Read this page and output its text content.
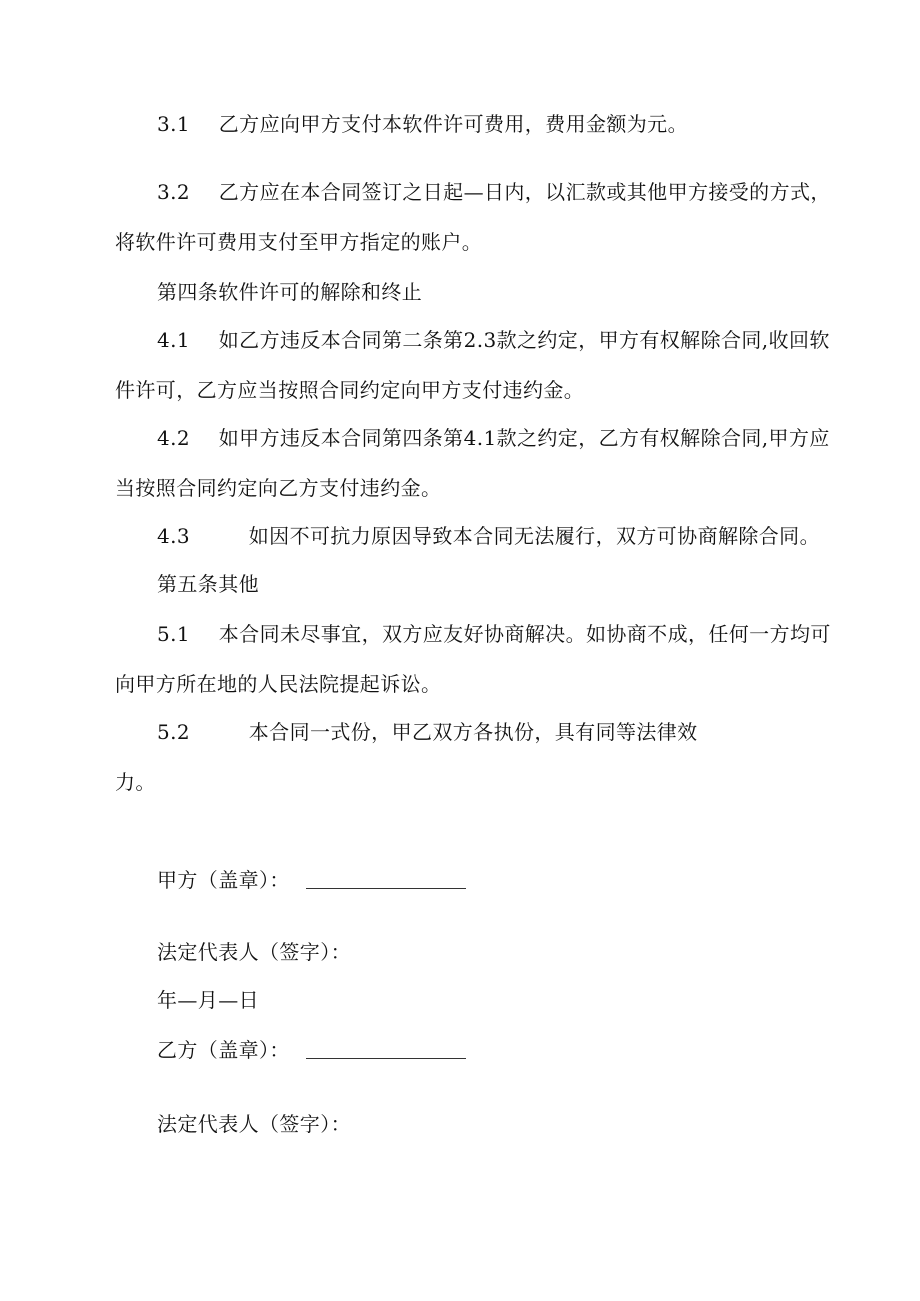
3.1 乙方应向甲方支付本软件许可费用，费用金额为元。
3.2 乙方应在本合同签订之日起—日内，以汇款或其他甲方接受的方式，
将软件许可费用支付至甲方指定的账户。
第四条软件许可的解除和终止
4.1 如乙方违反本合同第二条第2.3款之约定，甲方有权解除合同,收回软
件许可，乙方应当按照合同约定向甲方支付违约金。
4.2 如甲方违反本合同第四条第4.1款之约定，乙方有权解除合同,甲方应
当按照合同约定向乙方支付违约金。
4.3	如因不可抗力原因导致本合同无法履行，双方可协商解除合同。
第五条其他
5.1 本合同未尽事宜，双方应友好协商解决。如协商不成，任何一方均可
向甲方所在地的人民法院提起诉讼。
5.2	本合同一式份，甲乙双方各执份，具有同等法律效
力。
甲方（盖章）：
法定代表人（签字）：
年—月—日
乙方（盖章）：
法定代表人（签字）：
